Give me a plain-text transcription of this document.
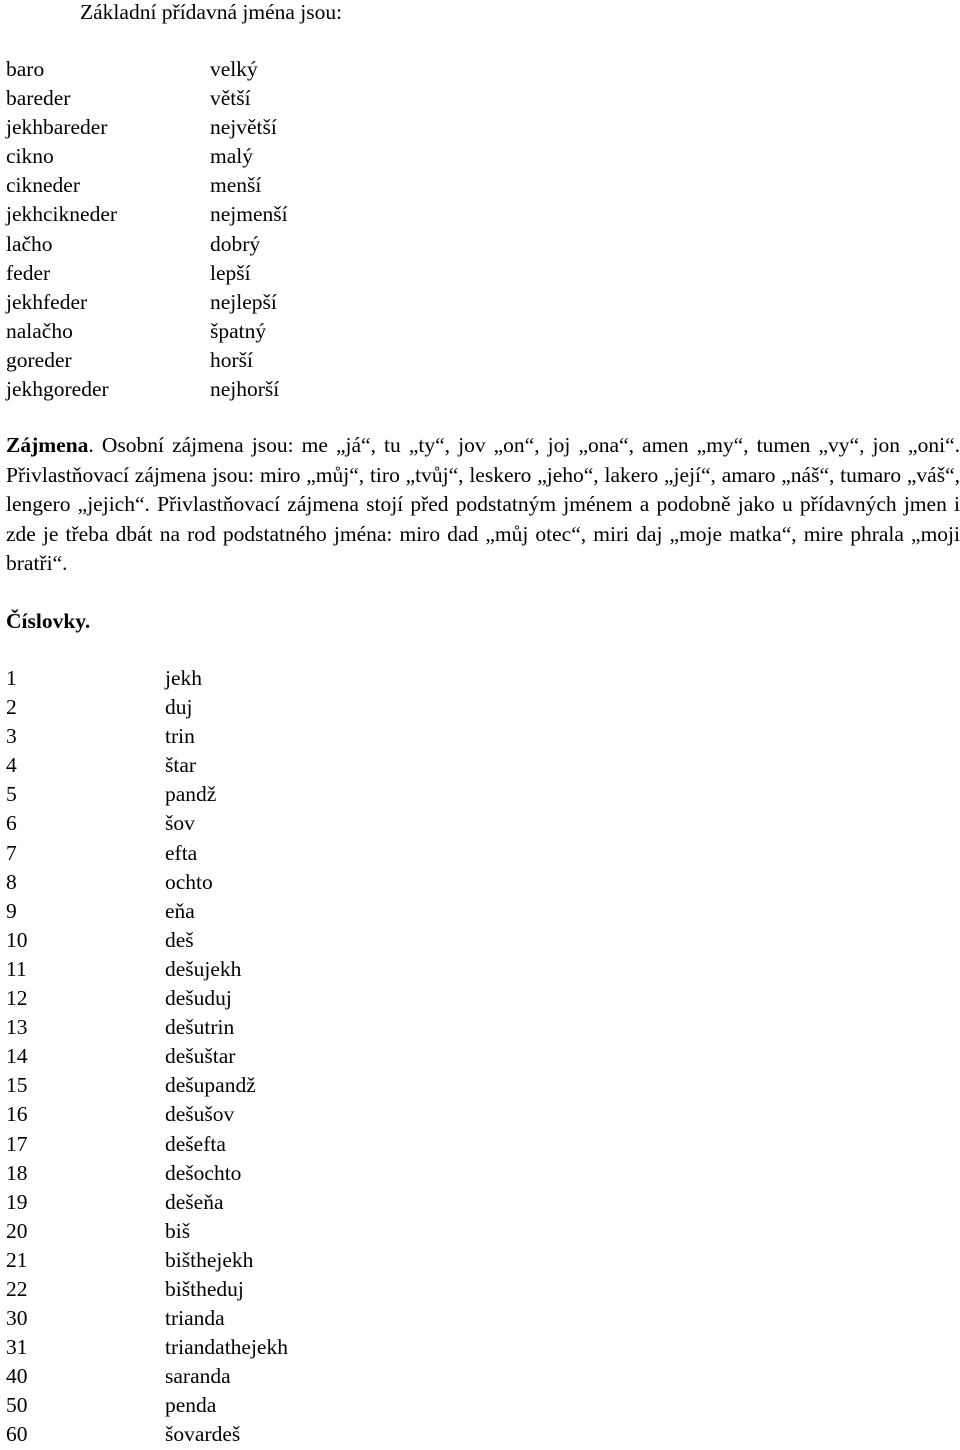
Základní přídavná jména jsou:
baro	velký
bareder	větší
jekhbareder	největší
cikno	malý
cikneder	menší
jekhcikneder	nejmenší
lačho	dobrý
feder	lepší
jekhfeder	nejlepší
nalačho	špatný
goreder	horší
jekhgoreder	nejhorší

Zájmena. Osobní zájmena jsou: me „já“, tu „ty“, jov „on“, joj „ona“, amen „my“, tumen „vy“, jon „oni“. Přivlastňovací zájmena jsou: miro „můj“, tiro „tvůj“, leskero „jeho“, lakero „její“, amaro „náš“, tumaro „váš“, lengero „jejich“. Přivlastňovací zájmena stojí před podstatným jménem a podobně jako u přídavných jmen i zde je třeba dbát na rod podstatného jména: miro dad „můj otec“, miri daj „moje matka“, mire phrala „moji bratři“.

Číslovky.

1	jekh
2	duj
3	trin
4	štar
5	pandž
6	šov
7	efta
8	ochto
9	eňa
10	deš
11	dešujekh
12	dešuduj
13	dešutrin
14	dešuštar
15	dešupandž
16	dešušov
17	dešefta
18	dešochto
19	dešeňa
20	biš
21	bišthejekh
22	bištheduj
30	trianda
31	triandathejekh
40	saranda
50	penda
60	šovardeš
